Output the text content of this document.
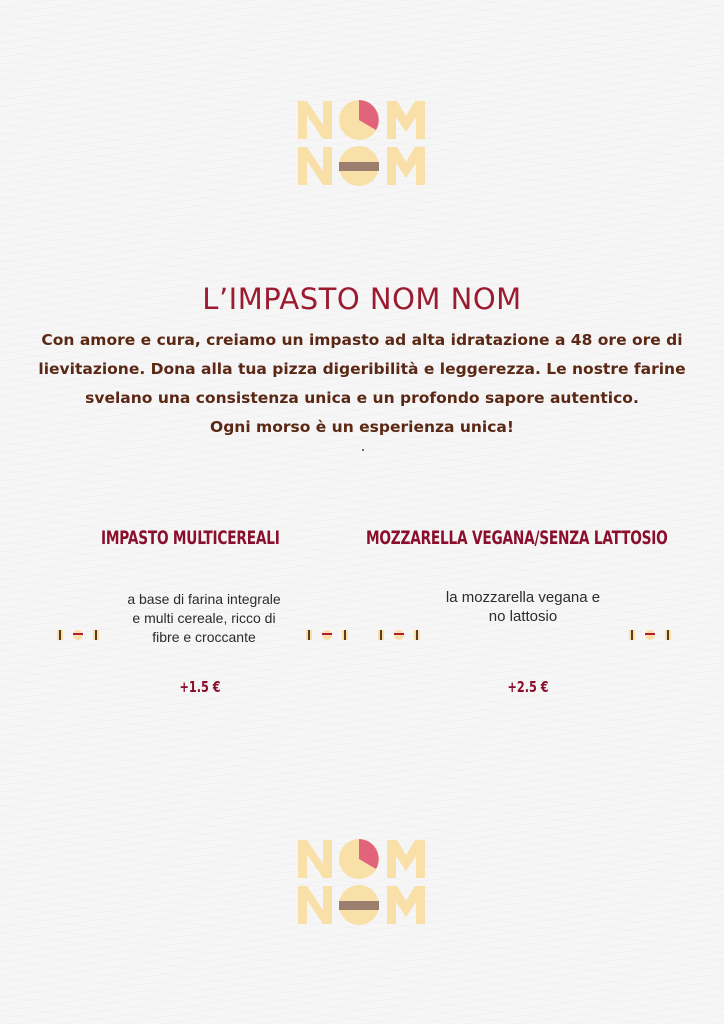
L’IMPASTO NOM NOM

Con amore e cura, creiamo un impasto ad alta idratazione a 48 ore ore di

lievitazione. Dona alla tua pizza digeribilità e leggerezza. Le nostre farine

svelano una consistenza unica e un profondo sapore autentico.

Ogni morso è un esperienza unica!

IMPASTO MULTICEREALI

a base di farina integrale

e multi cereale, ricco di

fibre e croccante

+1.5 €
MOZZARELLA VEGANA/SENZA LATTOSIO

la mozzarella vegana e

no lattosio

+2.5 €
